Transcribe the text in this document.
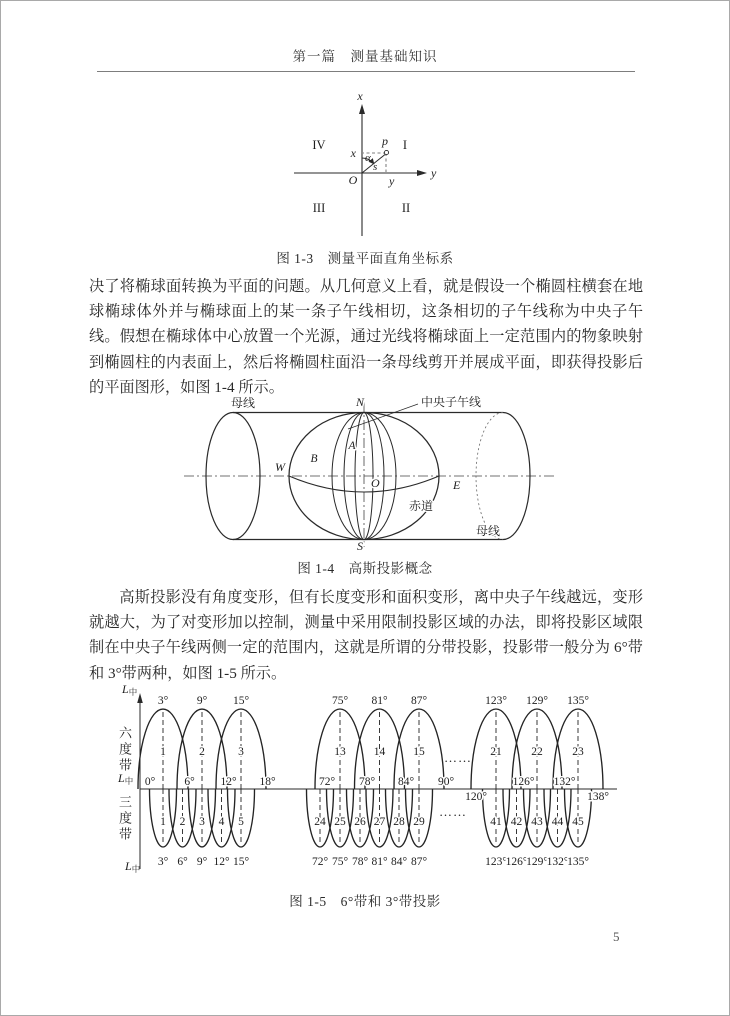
第一篇　测量基础知识
x
y
O
p
x
y
s
α
I
II
III
IV
图 1-3　测量平面直角坐标系
决了将椭球面转换为平面的问题。从几何意义上看，就是假设一个椭圆柱横套在地球椭球体外并与椭球面上的某一条子午线相切，这条相切的子午线称为中央子午线。假想在椭球体中心放置一个光源，通过光线将椭球面上一定范围内的物象映射到椭圆柱的内表面上，然后将椭圆柱面沿一条母线剪开并展成平面，即获得投影后的平面图形，如图 1-4 所示。
母线	N	中央子午线
A
B
W
O	E
赤道
S
母线
图 1-4　高斯投影概念
高斯投影没有角度变形，但有长度变形和面积变形，离中央子午线越远，变形就越大，为了对变形加以控制，测量中采用限制投影区域的办法，即将投影区域限制在中央子午线两侧一定的范围内，这就是所谓的分带投影，投影带一般分为 6°带和 3°带两种，如图 1-5 所示。
……
……
3°
1
9°
2
15°
3
1
3°
2
6°
3
9°
4
12°
5
15°
0°	6° 12° 18°
75°
13
81°
14
87°
15
24
72°
25
75°
26
78°
27
81°
28
84°
29
87°
72° 78° 84° 90°
123°
21
129°
22
135°
23
41
123°
42
126°
43
129°
44
132°
45
135°
120°
126° 132°
138°
$L_中$
$L_中$
$L_中$
六度带
三度带
图 1-5　6°带和 3°带投影
5
